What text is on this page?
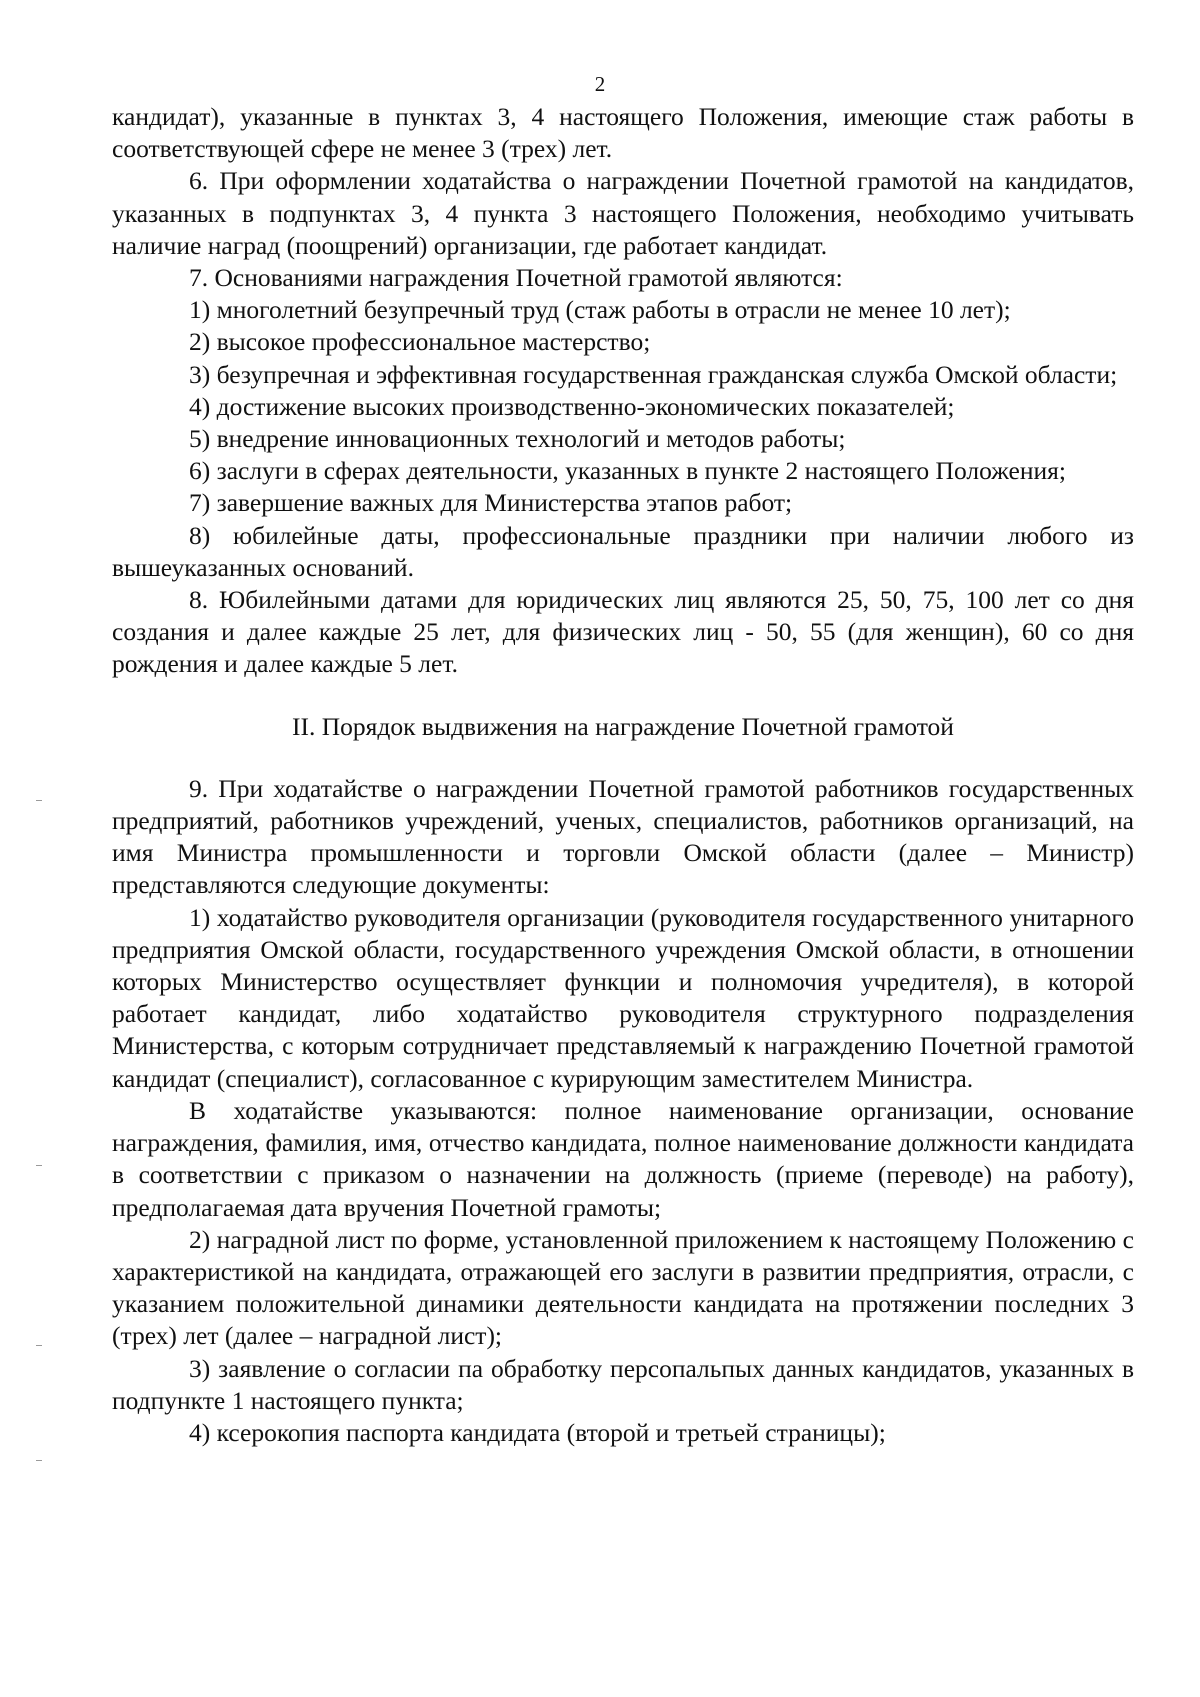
2

кандидат), указанные в пунктах 3, 4 настоящего Положения, имеющие стаж работы в соответствующей сфере не менее 3 (трех) лет.

6. При оформлении ходатайства о награждении Почетной грамотой на кандидатов, указанных в подпунктах 3, 4 пункта 3 настоящего Положения, необходимо учитывать наличие наград (поощрений) организации, где работает кандидат.

7. Основаниями награждения Почетной грамотой являются:

1) многолетний безупречный труд (стаж работы в отрасли не менее 10 лет);

2) высокое профессиональное мастерство;

3) безупречная и эффективная государственная гражданская служба Омской области;

4) достижение высоких производственно-экономических показателей;

5) внедрение инновационных технологий и методов работы;

6) заслуги в сферах деятельности, указанных в пункте 2 настоящего Положения;

7) завершение важных для Министерства этапов работ;

8) юбилейные даты, профессиональные праздники при наличии любого из вышеуказанных оснований.

8. Юбилейными датами для юридических лиц являются 25, 50, 75, 100 лет со дня создания и далее каждые 25 лет, для физических лиц - 50, 55 (для женщин), 60 со дня рождения и далее каждые 5 лет.

II. Порядок выдвижения на награждение Почетной грамотой

9. При ходатайстве о награждении Почетной грамотой работников государственных предприятий, работников учреждений, ученых, специалистов, работников организаций, на имя Министра промышленности и торговли Омской области (далее – Министр) представляются следующие документы:

1) ходатайство руководителя организации (руководителя государственного унитарного предприятия Омской области, государственного учреждения Омской области, в отношении которых Министерство осуществляет функции и полномочия учредителя), в которой работает кандидат, либо ходатайство руководителя структурного подразделения Министерства, с которым сотрудничает представляемый к награждению Почетной грамотой кандидат (специалист), согласованное с курирующим заместителем Министра.

В ходатайстве указываются: полное наименование организации, основание награждения, фамилия, имя, отчество кандидата, полное наименование должности кандидата в соответствии с приказом о назначении на должность (приеме (переводе) на работу), предполагаемая дата вручения Почетной грамоты;

2) наградной лист по форме, установленной приложением к настоящему Положению с характеристикой на кандидата, отражающей его заслуги в развитии предприятия, отрасли, с указанием положительной динамики деятельности кандидата на протяжении последних 3 (трех) лет (далее – наградной лист);

3) заявление о согласии па обработку персопальпых данных кандидатов, указанных в подпункте 1 настоящего пункта;

4) ксерокопия паспорта кандидата (второй и третьей страницы);
